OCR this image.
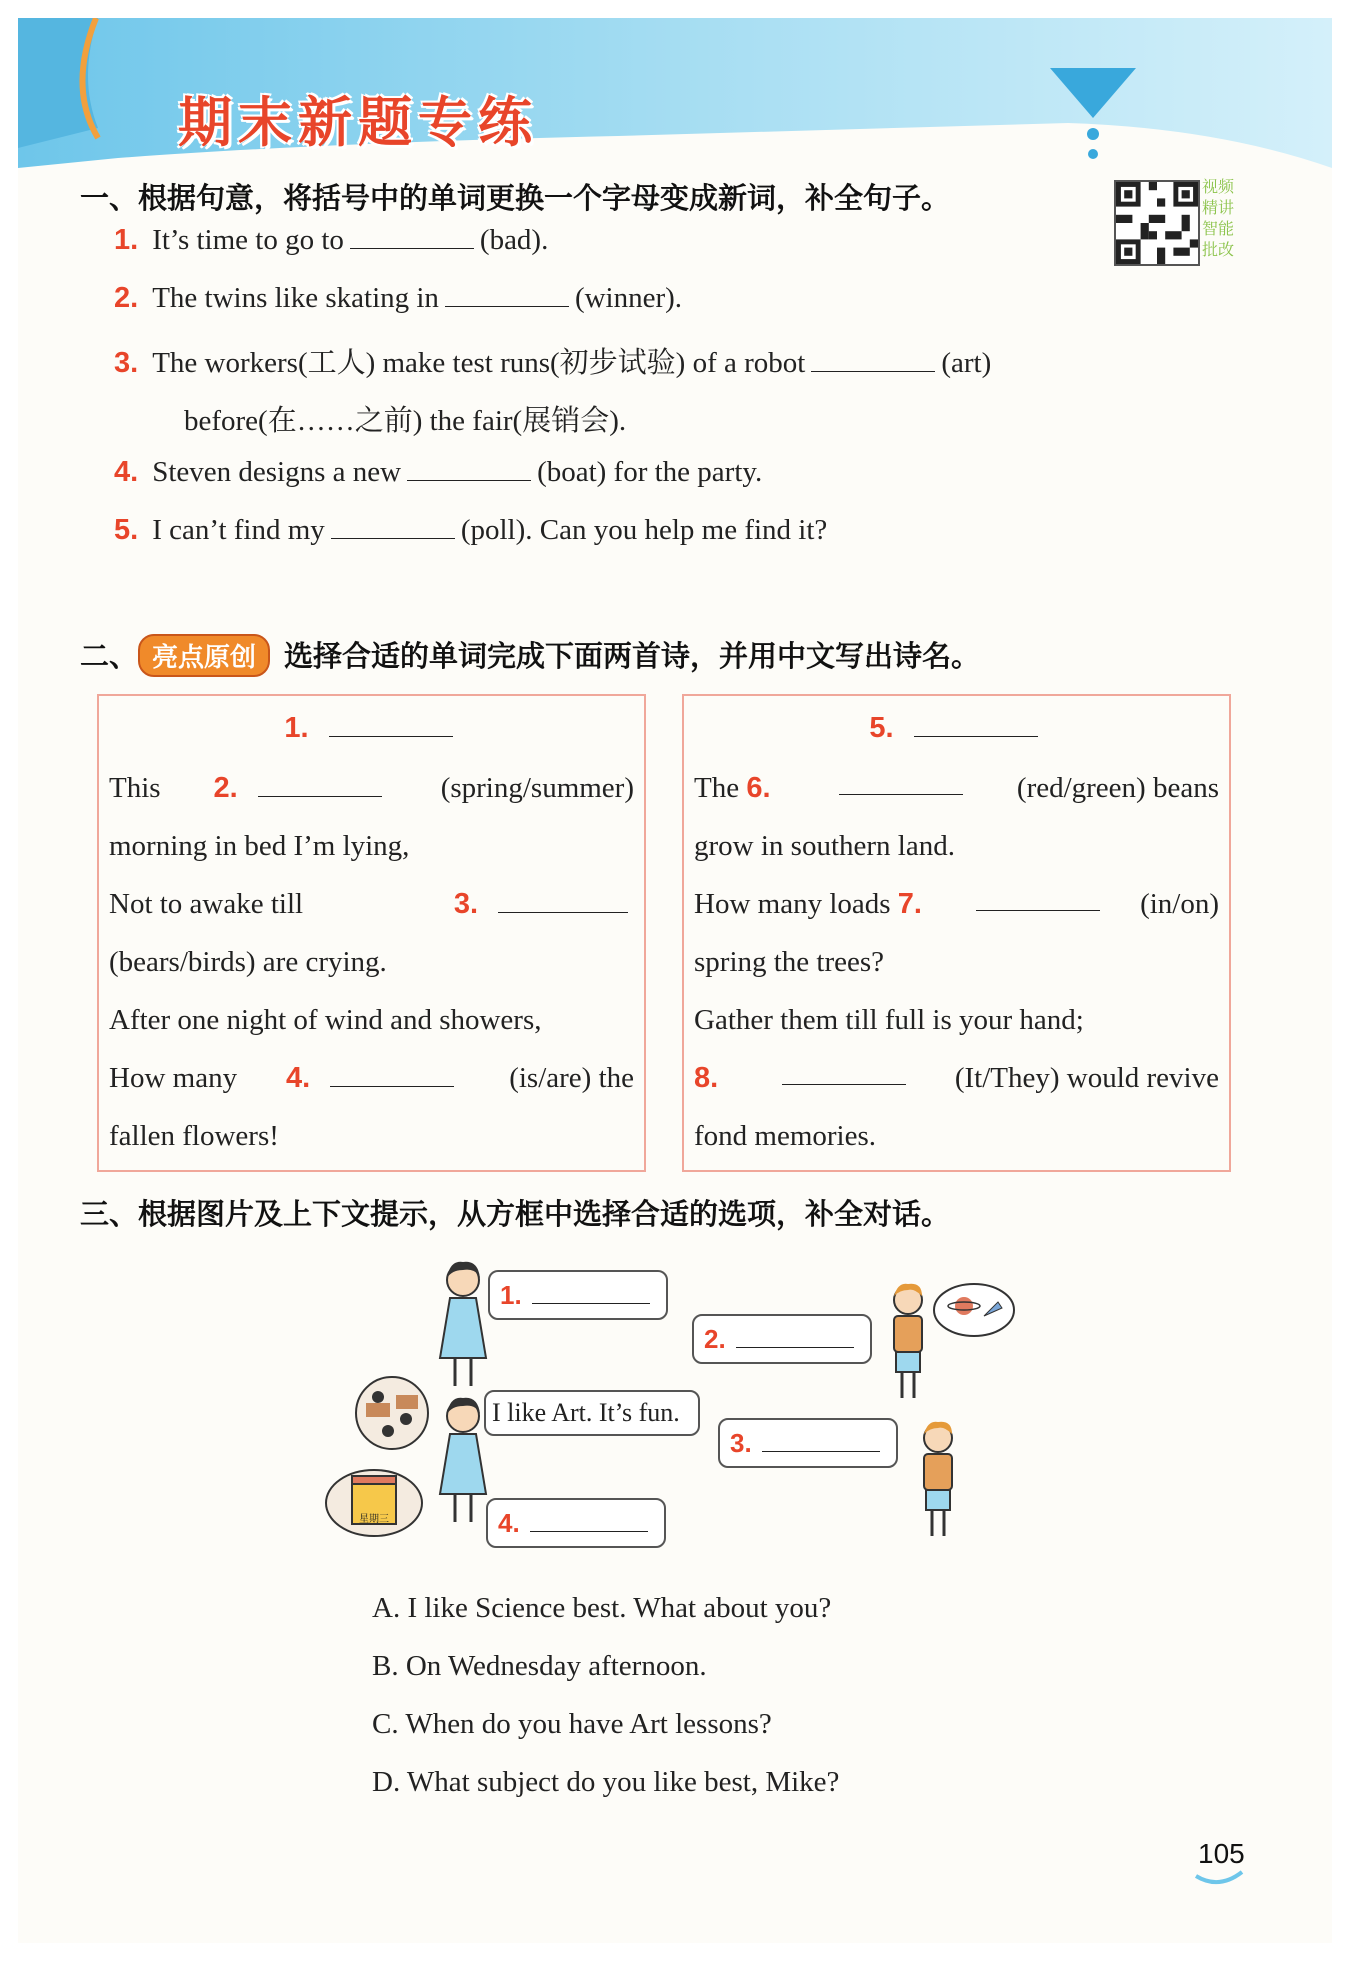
期末新题专练
视频精讲 智能批改
一、根据句意，将括号中的单词更换一个字母变成新词，补全句子。
1. It’s time to go to	(bad).
2. The twins like skating in	(winner).
3. The workers(工人) make test runs(初步试验) of a robot	(art)
before(在……之前) the fair(展销会).
4. Steven designs a new	(boat) for the party.
5. I can’t find my	(poll). Can you help me find it?
二、 亮点原创 选择合适的单词完成下面两首诗，并用中文写出诗名。
1.
This 2.	(spring/summer)
morning in bed I’m lying,
Not to awake till	3.
(bears/birds) are crying.
After one night of wind and showers,
How many 4.	(is/are) the
fallen flowers!
5.
The 6.	(red/green) beans
grow in southern land.
How many loads 7.	(in/on)
spring the trees?
Gather them till full is your hand;
8.	(It/They) would revive
fond memories.
三、根据图片及上下文提示，从方框中选择合适的选项，补全对话。
星期三
1.
2.
I like Art. It’s fun.
3.
4.
A. I like Science best. What about you?
B. On Wednesday afternoon.
C. When do you have Art lessons?
D. What subject do you like best, Mike?
105
